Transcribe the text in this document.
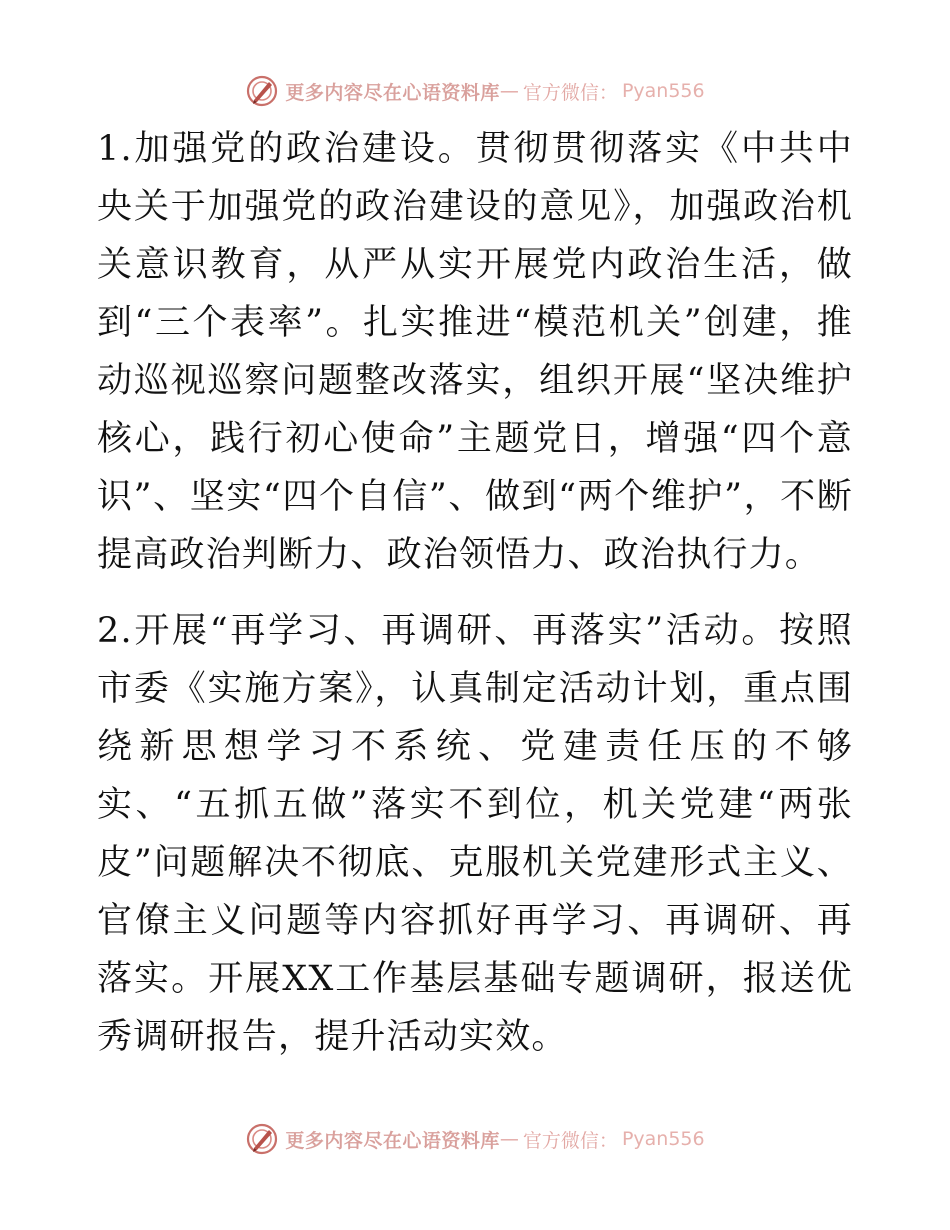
更多内容尽在心语资料库 — 官方微信： Pyan556

1.加强党的政治建设。贯彻贯彻落实《中共中央关于加强党的政治建设的意见》，加强政治机关意识教育，从严从实开展党内政治生活，做到“三个表率”。扎实推进“模范机关”创建，推动巡视巡察问题整改落实，组织开展“坚决维护核心，践行初心使命”主题党日，增强“四个意识”、坚实“四个自信”、做到“两个维护”，不断提高政治判断力、政治领悟力、政治执行力。

2.开展“再学习、再调研、再落实”活动。按照市委《实施方案》，认真制定活动计划，重点围绕新思想学习不系统、党建责任压的不够实、“五抓五做”落实不到位，机关党建“两张皮”问题解决不彻底、克服机关党建形式主义、官僚主义问题等内容抓好再学习、再调研、再落实。开展XX工作基层基础专题调研，报送优秀调研报告，提升活动实效。

更多内容尽在心语资料库 — 官方微信： Pyan556
